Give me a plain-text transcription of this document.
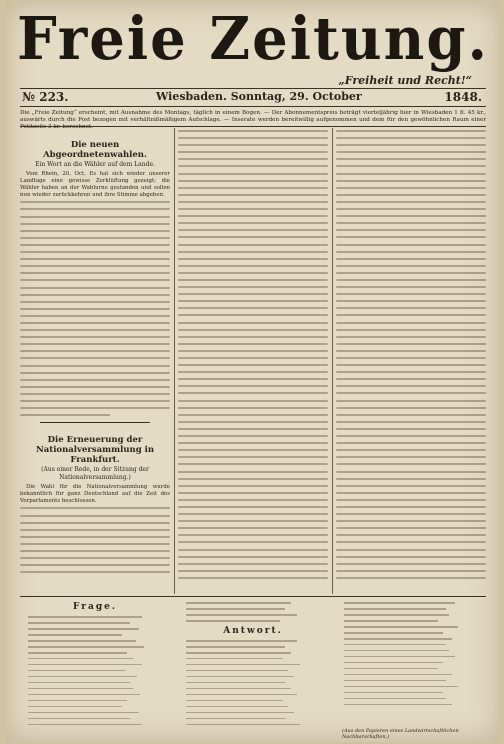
Freie Zeitung.
„Freiheit und Recht!“
№ 223.	Wiesbaden. Sonntag, 29. October	1848.
Die „Freie Zeitung“ erscheint, mit Ausnahme des Montags, täglich in einem Bogen. — Der Abonnementspreis beträgt vierteljährig hier in Wiesbaden 1 fl. 45 kr., auswärts durch die Post bezogen mit verhältnißmäßigem Aufschlage. — Inserate werden bereitwillig aufgenommen und dem für den gewöhnlichen Raum einer Petitzeile 3 kr. berechnet.
Die neuen Abgeordnetenwahlen.
Ein Wort an die Wähler auf dem Lande.

Vom Rhein, 20. Oct. Es hat sich wieder unserer Landtage eine gewisse Zerklüftung gezeigt; die Wähler haben an der Wahlurne gestanden und sollen nun wieder zurückkehren und ihre Stimme abgeben.

Die Erneuerung der Nationalversammlung in Frankfurt.
(Aus einer Rede, in der Sitzung der Nationalversammlung.)

Die Wahl für die Nationalversammlung wurde bekanntlich für ganz Deutschland auf die Zeit des Vorparlaments beschlossen.

Frage.
Antwort.
(Aus den Papieren eines Landwirtschaftlichen Nachbarschaften.)
